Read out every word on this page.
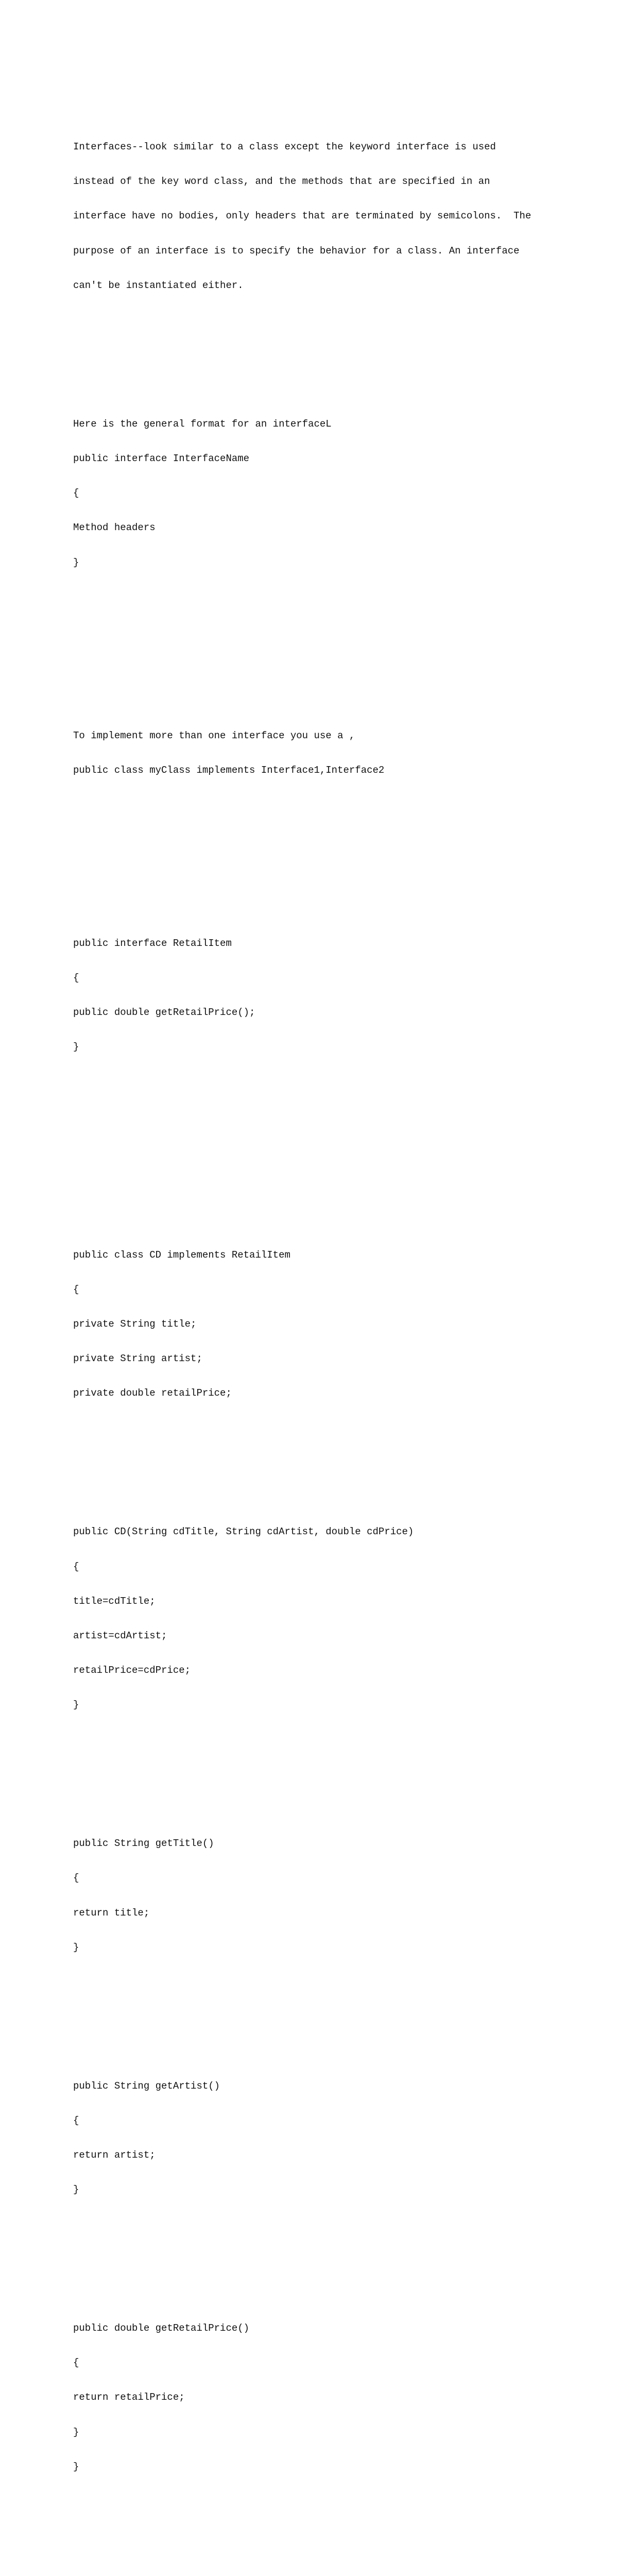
Interfaces--look similar to a class except the keyword interface is used

instead of the key word class, and the methods that are specified in an

interface have no bodies, only headers that are terminated by semicolons.  The

purpose of an interface is to specify the behavior for a class. An interface

can't be instantiated either.

Here is the general format for an interfaceL

public interface InterfaceName

{

Method headers

}

To implement more than one interface you use a ,

public class myClass implements Interface1,Interface2

public interface RetailItem

{

public double getRetailPrice();

}

public class CD implements RetailItem

{

private String title;

private String artist;

private double retailPrice;

public CD(String cdTitle, String cdArtist, double cdPrice)

{

title=cdTitle;

artist=cdArtist;

retailPrice=cdPrice;

}

public String getTitle()

{

return title;

}

public String getArtist()

{

return artist;

}

public double getRetailPrice()

{

return retailPrice;

}

}
